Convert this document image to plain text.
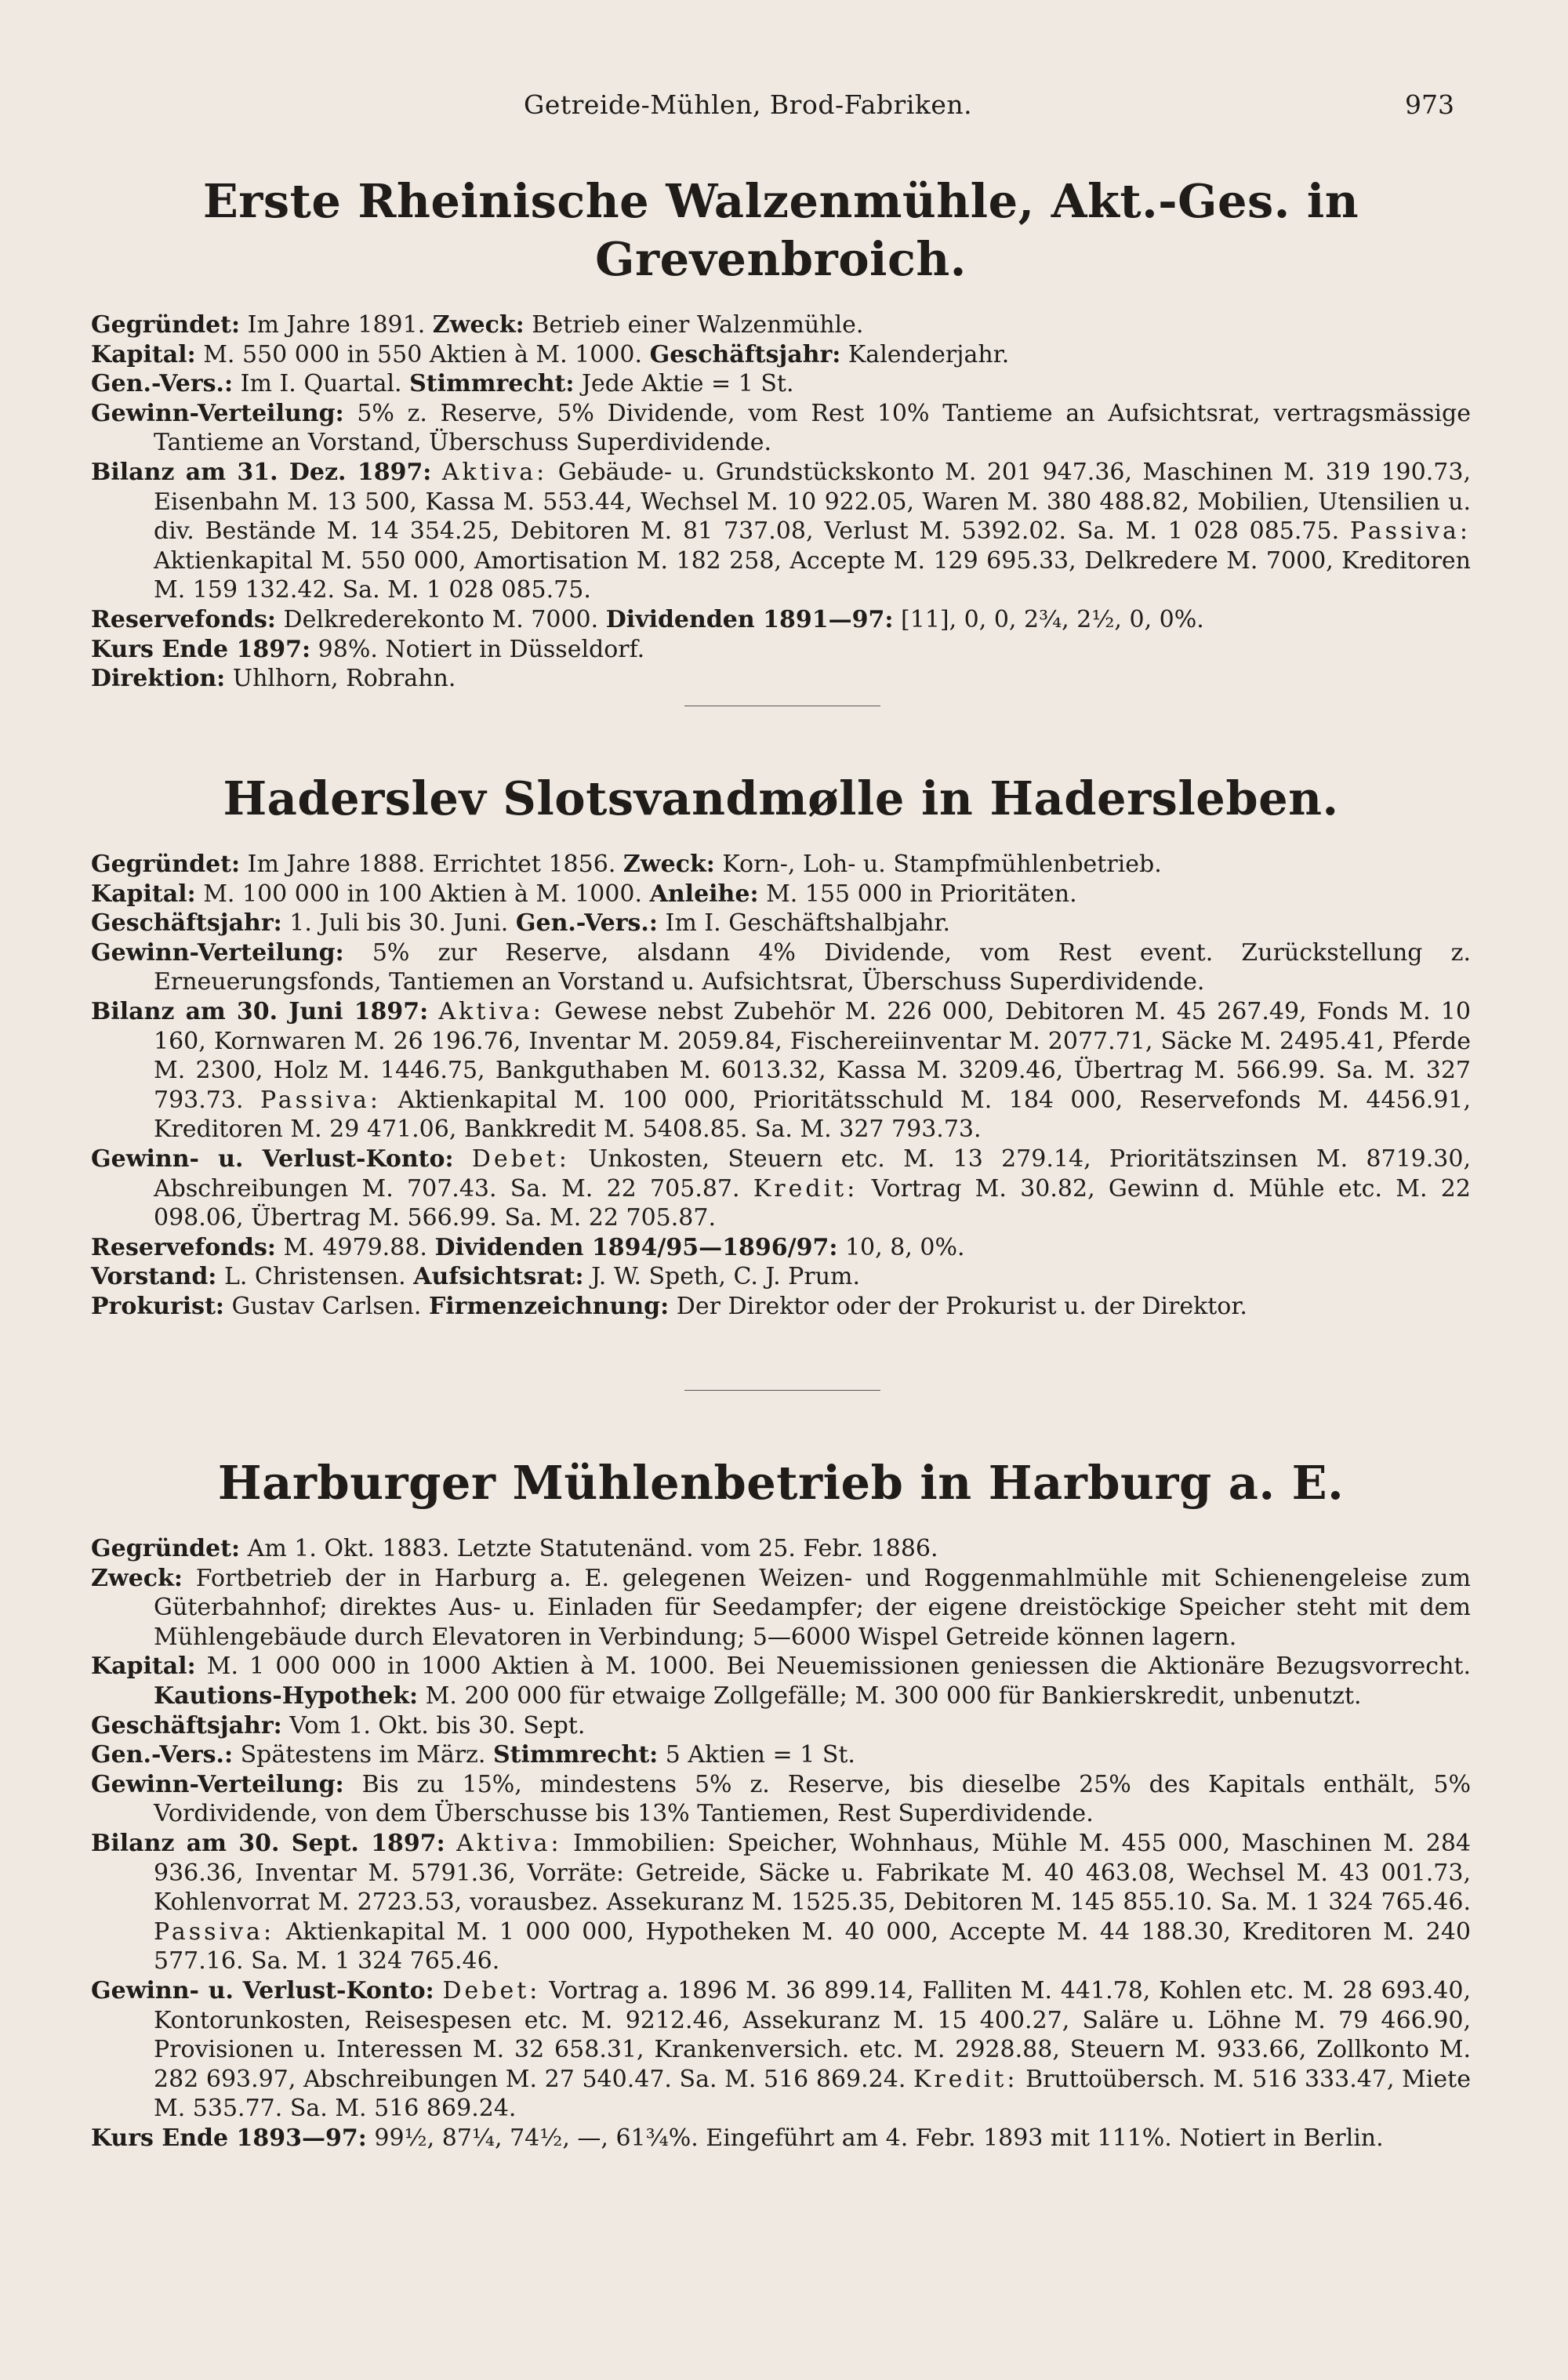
Getreide-Mühlen, Brod-Fabriken.	973
Erste Rheinische Walzenmühle, Akt.-Ges. in Grevenbroich.
Gegründet: Im Jahre 1891. Zweck: Betrieb einer Walzenmühle.
Kapital: M. 550 000 in 550 Aktien à M. 1000. Geschäftsjahr: Kalenderjahr.
Gen.-Vers.: Im I. Quartal. Stimmrecht: Jede Aktie = 1 St.
Gewinn-Verteilung: 5% z. Reserve, 5% Dividende, vom Rest 10% Tantieme an Aufsichtsrat, vertragsmässige Tantieme an Vorstand, Überschuss Superdividende.
Bilanz am 31. Dez. 1897: Aktiva: Gebäude- u. Grundstückskonto M. 201 947.36, Maschinen M. 319 190.73, Eisenbahn M. 13 500, Kassa M. 553.44, Wechsel M. 10 922.05, Waren M. 380 488.82, Mobilien, Utensilien u. div. Bestände M. 14 354.25, Debitoren M. 81 737.08, Verlust M. 5392.02. Sa. M. 1 028 085.75. Passiva: Aktienkapital M. 550 000, Amortisation M. 182 258, Accepte M. 129 695.33, Delkredere M. 7000, Kreditoren M. 159 132.42. Sa. M. 1 028 085.75.
Reservefonds: Delkrederekonto M. 7000. Dividenden 1891—97: [11], 0, 0, 2¾, 2½, 0, 0%.
Kurs Ende 1897: 98%. Notiert in Düsseldorf.
Direktion: Uhlhorn, Robrahn.
Haderslev Slotsvandmølle in Hadersleben.
Gegründet: Im Jahre 1888. Errichtet 1856. Zweck: Korn-, Loh- u. Stampfmühlenbetrieb.
Kapital: M. 100 000 in 100 Aktien à M. 1000. Anleihe: M. 155 000 in Prioritäten.
Geschäftsjahr: 1. Juli bis 30. Juni. Gen.-Vers.: Im I. Geschäftshalbjahr.
Gewinn-Verteilung: 5% zur Reserve, alsdann 4% Dividende, vom Rest event. Zurückstellung z. Erneuerungsfonds, Tantiemen an Vorstand u. Aufsichtsrat, Überschuss Superdividende.
Bilanz am 30. Juni 1897: Aktiva: Gewese nebst Zubehör M. 226 000, Debitoren M. 45 267.49, Fonds M. 10 160, Kornwaren M. 26 196.76, Inventar M. 2059.84, Fischereiinventar M. 2077.71, Säcke M. 2495.41, Pferde M. 2300, Holz M. 1446.75, Bankguthaben M. 6013.32, Kassa M. 3209.46, Übertrag M. 566.99. Sa. M. 327 793.73. Passiva: Aktienkapital M. 100 000, Prioritätsschuld M. 184 000, Reservefonds M. 4456.91, Kreditoren M. 29 471.06, Bankkredit M. 5408.85. Sa. M. 327 793.73.
Gewinn- u. Verlust-Konto: Debet: Unkosten, Steuern etc. M. 13 279.14, Prioritätszinsen M. 8719.30, Abschreibungen M. 707.43. Sa. M. 22 705.87. Kredit: Vortrag M. 30.82, Gewinn d. Mühle etc. M. 22 098.06, Übertrag M. 566.99. Sa. M. 22 705.87.
Reservefonds: M. 4979.88. Dividenden 1894/95—1896/97: 10, 8, 0%.
Vorstand: L. Christensen. Aufsichtsrat: J. W. Speth, C. J. Prum.
Prokurist: Gustav Carlsen. Firmenzeichnung: Der Direktor oder der Prokurist u. der Direktor.
Harburger Mühlenbetrieb in Harburg a. E.
Gegründet: Am 1. Okt. 1883. Letzte Statutenänd. vom 25. Febr. 1886.
Zweck: Fortbetrieb der in Harburg a. E. gelegenen Weizen- und Roggenmahlmühle mit Schienengeleise zum Güterbahnhof; direktes Aus- u. Einladen für Seedampfer; der eigene dreistöckige Speicher steht mit dem Mühlengebäude durch Elevatoren in Verbindung; 5—6000 Wispel Getreide können lagern.
Kapital: M. 1 000 000 in 1000 Aktien à M. 1000. Bei Neuemissionen geniessen die Aktionäre Bezugsvorrecht. Kautions-Hypothek: M. 200 000 für etwaige Zollgefälle; M. 300 000 für Bankierskredit, unbenutzt.
Geschäftsjahr: Vom 1. Okt. bis 30. Sept.
Gen.-Vers.: Spätestens im März. Stimmrecht: 5 Aktien = 1 St.
Gewinn-Verteilung: Bis zu 15%, mindestens 5% z. Reserve, bis dieselbe 25% des Kapitals enthält, 5% Vordividende, von dem Überschusse bis 13% Tantiemen, Rest Superdividende.
Bilanz am 30. Sept. 1897: Aktiva: Immobilien: Speicher, Wohnhaus, Mühle M. 455 000, Maschinen M. 284 936.36, Inventar M. 5791.36, Vorräte: Getreide, Säcke u. Fabrikate M. 40 463.08, Wechsel M. 43 001.73, Kohlenvorrat M. 2723.53, vorausbez. Assekuranz M. 1525.35, Debitoren M. 145 855.10. Sa. M. 1 324 765.46. Passiva: Aktienkapital M. 1 000 000, Hypotheken M. 40 000, Accepte M. 44 188.30, Kreditoren M. 240 577.16. Sa. M. 1 324 765.46.
Gewinn- u. Verlust-Konto: Debet: Vortrag a. 1896 M. 36 899.14, Falliten M. 441.78, Kohlen etc. M. 28 693.40, Kontorunkosten, Reisespesen etc. M. 9212.46, Assekuranz M. 15 400.27, Saläre u. Löhne M. 79 466.90, Provisionen u. Interessen M. 32 658.31, Krankenversich. etc. M. 2928.88, Steuern M. 933.66, Zollkonto M. 282 693.97, Abschreibungen M. 27 540.47. Sa. M. 516 869.24. Kredit: Bruttoübersch. M. 516 333.47, Miete M. 535.77. Sa. M. 516 869.24.
Kurs Ende 1893—97: 99½, 87¼, 74½, —, 61¾%. Eingeführt am 4. Febr. 1893 mit 111%. Notiert in Berlin.
